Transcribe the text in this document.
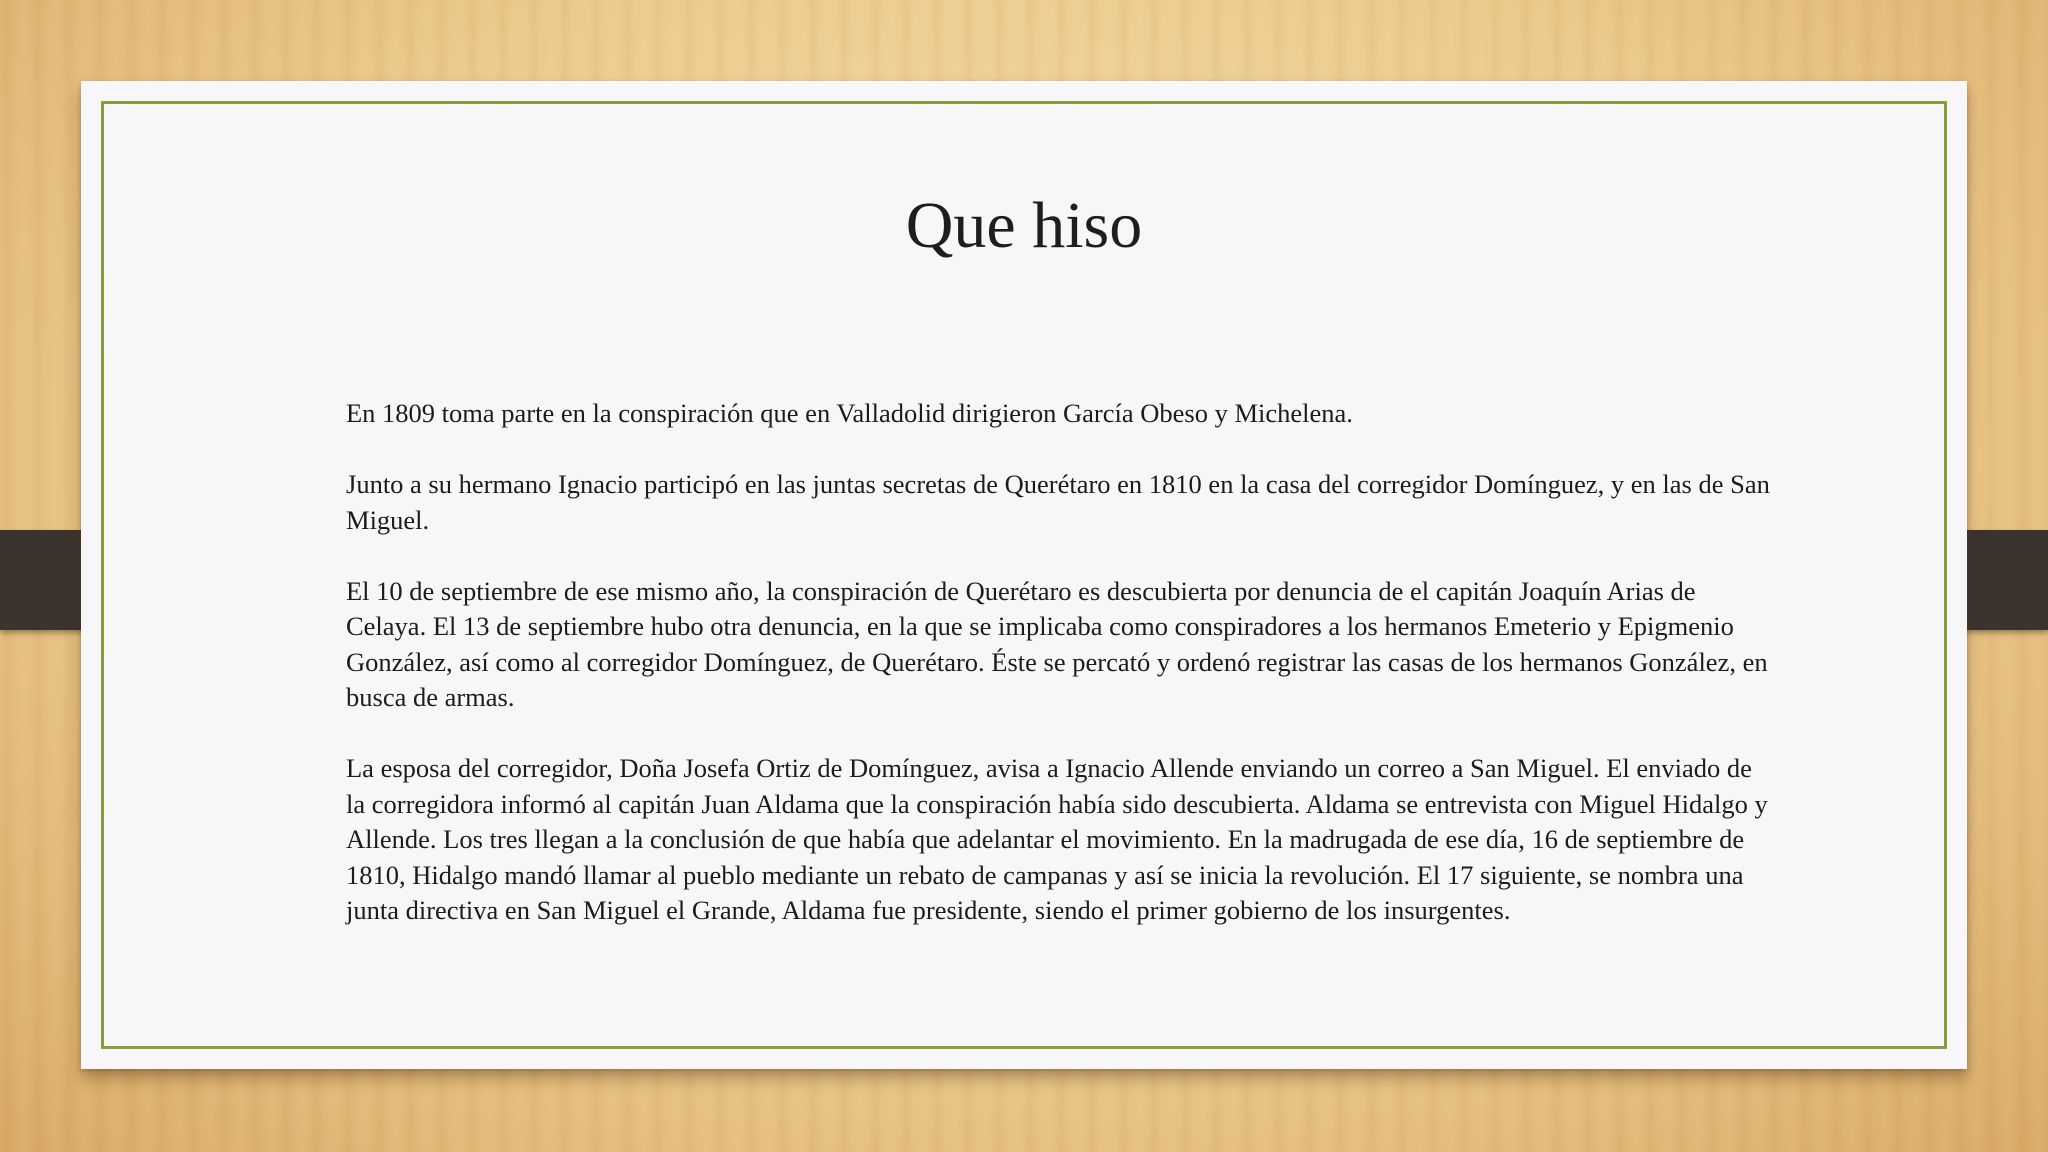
Que hiso

En 1809 toma parte en la conspiración que en Valladolid dirigieron García Obeso y Michelena.

Junto a su hermano Ignacio participó en las juntas secretas de Querétaro en 1810 en la casa del corregidor Domínguez, y en las de San Miguel.

El 10 de septiembre de ese mismo año, la conspiración de Querétaro es descubierta por denuncia de el capitán Joaquín Arias de Celaya. El 13 de septiembre hubo otra denuncia, en la que se implicaba como conspiradores a los hermanos Emeterio y Epigmenio González, así como al corregidor Domínguez, de Querétaro. Éste se percató y ordenó registrar las casas de los hermanos González, en busca de armas.

La esposa del corregidor, Doña Josefa Ortiz de Domínguez, avisa a Ignacio Allende enviando un correo a San Miguel. El enviado de la corregidora informó al capitán Juan Aldama que la conspiración había sido descubierta. Aldama se entrevista con Miguel Hidalgo y Allende. Los tres llegan a la conclusión de que había que adelantar el movimiento. En la madrugada de ese día, 16 de septiembre de 1810, Hidalgo mandó llamar al pueblo mediante un rebato de campanas y así se inicia la revolución. El 17 siguiente, se nombra una junta directiva en San Miguel el Grande, Aldama fue presidente, siendo el primer gobierno de los insurgentes.
